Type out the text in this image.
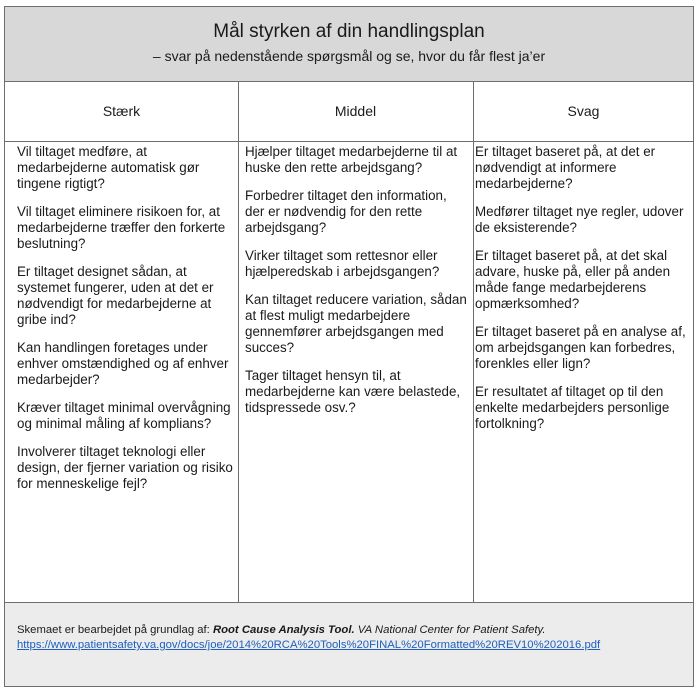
Mål styrken af din handlingsplan
– svar på nedenstående spørgsmål og se, hvor du får flest ja’er
Stærk	Middel	Svag

Vil tiltaget medføre, at medarbejderne automatisk gør tingene rigtigt?

Vil tiltaget eliminere risikoen for, at medarbejderne træffer den forkerte beslutning?

Er tiltaget designet sådan, at systemet fungerer, uden at det er nødvendigt for medarbejderne at gribe ind?

Kan handlingen foretages under enhver omstændighed og af enhver medarbejder?

Kræver tiltaget minimal overvågning og minimal måling af komplians?

Involverer tiltaget teknologi eller design, der fjerner variation og risiko for menneskelige fejl?

Hjælper tiltaget medarbejderne til at huske den rette arbejdsgang?

Forbedrer tiltaget den information, der er nødvendig for den rette arbejdsgang?

Virker tiltaget som rettesnor eller hjælperedskab i arbejdsgangen?

Kan tiltaget reducere variation, sådan at flest muligt medarbejdere gennemfører arbejdsgangen med succes?

Tager tiltaget hensyn til, at medarbejderne kan være belastede, tidspressede osv.?

Er tiltaget baseret på, at det er nødvendigt at informere medarbejderne?

Medfører tiltaget nye regler, udover de eksisterende?

Er tiltaget baseret på, at det skal advare, huske på, eller på anden måde fange medarbejderens opmærksomhed?

Er tiltaget baseret på en analyse af, om arbejdsgangen kan forbedres, forenkles eller lign?

Er resultatet af tiltaget op til den enkelte medarbejders personlige fortolkning?

Skemaet er bearbejdet på grundlag af: Root Cause Analysis Tool. VA National Center for Patient Safety.
https://www.patientsafety.va.gov/docs/joe/2014%20RCA%20Tools%20FINAL%20Formatted%20REV10%202016.pdf
